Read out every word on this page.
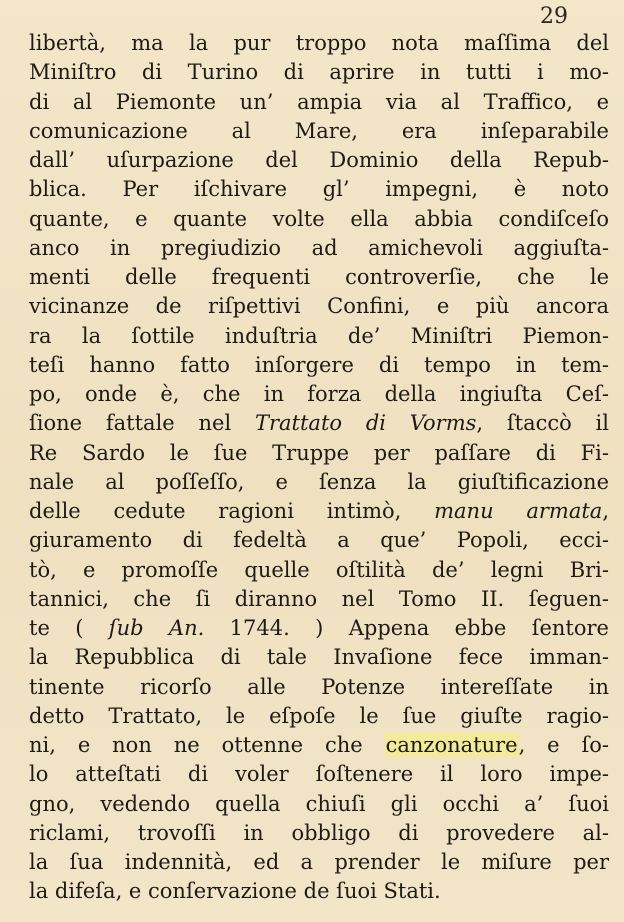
29
libertà, ma la pur troppo nota maſſima del
Miniſtro di Turino di aprire in tutti i mo-
di al Piemonte un’ ampia via al Traffico, e
comunicazione al Mare, era inſeparabile
dall’ uſurpazione del Dominio della Repub-
blica. Per iſchivare gl’ impegni, è noto
quante, e quante volte ella abbia condiſceſo
anco in pregiudizio ad amichevoli aggiuſta-
menti delle frequenti controverſie, che le
vicinanze de riſpettivi Confini, e più ancora
ra la ſottile induſtria de’ Miniſtri Piemon-
teſi hanno fatto inſorgere di tempo in tem-
po, onde è, che in forza della ingiuſta Ceſ-
ſione fattale nel Trattato di Vorms, ſtaccò il
Re Sardo le ſue Truppe per paſſare di Fi-
nale al poſſeſſo, e ſenza la giuſtificazione
delle cedute ragioni intimò, manu armata,
giuramento di fedeltà a que’ Popoli, ecci-
tò, e promoſſe quelle oſtilità de’ legni Bri-
tannici, che ſi diranno nel Tomo II. ſeguen-
te ( ſub An. 1744. ) Appena ebbe ſentore
la Repubblica di tale Invaſione fece imman-
tinente ricorſo alle Potenze intereſſate in
detto Trattato, le eſpoſe le ſue giuſte ragio-
ni, e non ne ottenne che canzonature, e ſo-
lo atteſtati di voler ſoſtenere il loro impe-
gno, vedendo quella chiuſi gli occhi a’ ſuoi
riclami, trovoſſi in obbligo di provedere al-
la ſua indennità, ed a prender le miſure per
la difeſa, e conſervazione de ſuoi Stati.
